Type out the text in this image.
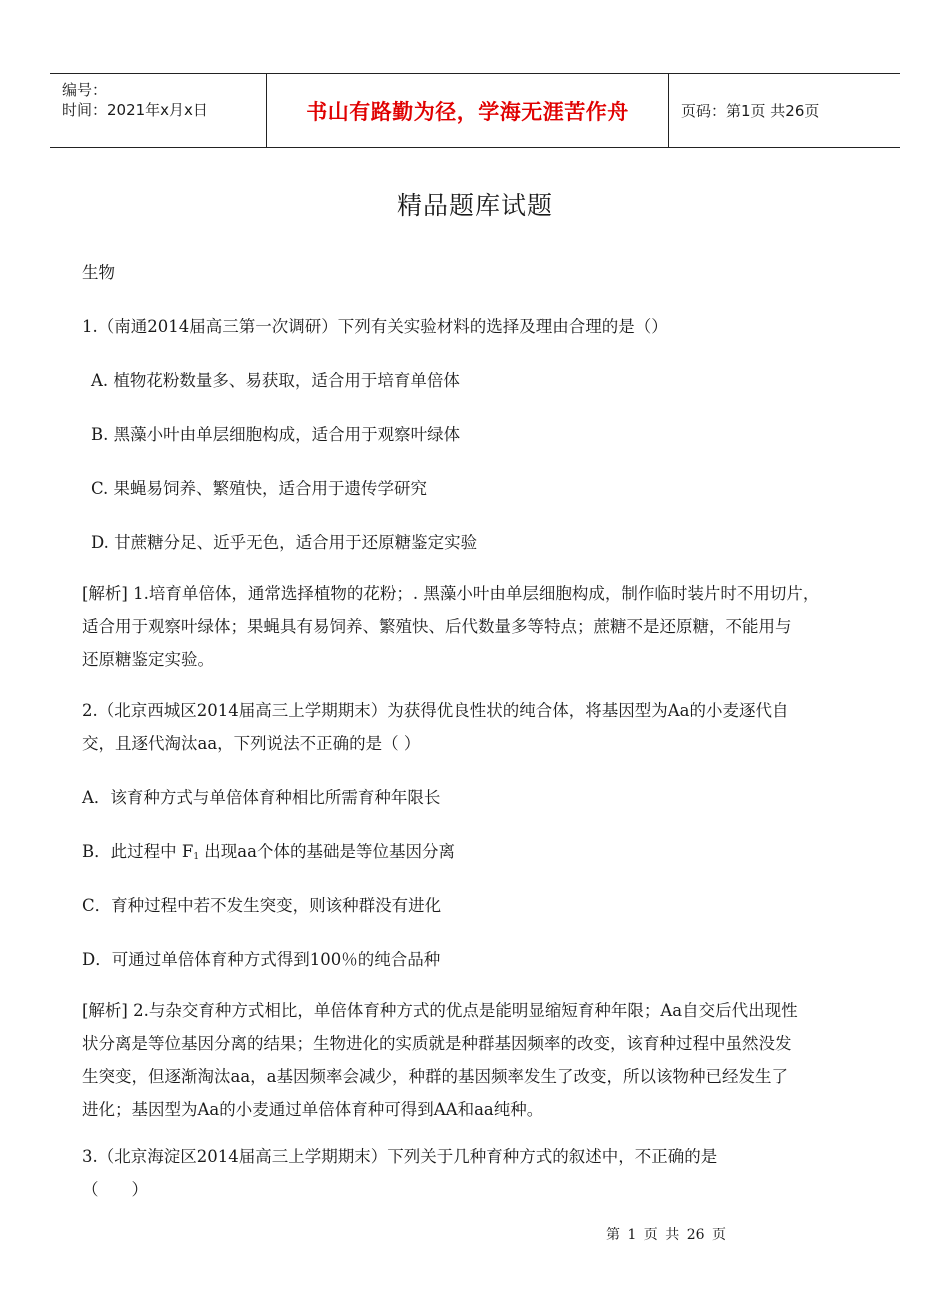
编号：
时间：2021年x月x日	书山有路勤为径，学海无涯苦作舟	页码：第1页 共26页
精品题库试题
生物
1.（南通2014届高三第一次调研）下列有关实验材料的选择及理由合理的是（）
A. 植物花粉数量多、易获取，适合用于培育单倍体
B. 黑藻小叶由单层细胞构成，适合用于观察叶绿体
C. 果蝇易饲养、繁殖快，适合用于遗传学研究
D. 甘蔗糖分足、近乎无色，适合用于还原糖鉴定实验
[解析] 1.培育单倍体，通常选择植物的花粉；. 黑藻小叶由单层细胞构成，制作临时装片时不用切片，
适合用于观察叶绿体；果蝇具有易饲养、繁殖快、后代数量多等特点；蔗糖不是还原糖，不能用与
还原糖鉴定实验。
2.（北京西城区2014届高三上学期期末）为获得优良性状的纯合体，将基因型为Aa的小麦逐代自
交，且逐代淘汰aa，下列说法不正确的是（ ）
A．该育种方式与单倍体育种相比所需育种年限长
B．此过程中 $F_1$ 出现aa个体的基础是等位基因分离
C．育种过程中若不发生突变，则该种群没有进化
D．可通过单倍体育种方式得到100％的纯合品种
[解析] 2.与杂交育种方式相比，单倍体育种方式的优点是能明显缩短育种年限；Aa自交后代出现性
状分离是等位基因分离的结果；生物进化的实质就是种群基因频率的改变，该育种过程中虽然没发
生突变，但逐渐淘汰aa，a基因频率会减少，种群的基因频率发生了改变，所以该物种已经发生了
进化；基因型为Aa的小麦通过单倍体育种可得到AA和aa纯种。
3.（北京海淀区2014届高三上学期期末）下列关于几种育种方式的叙述中，不正确的是
（　　）
第 1 页 共 26 页
